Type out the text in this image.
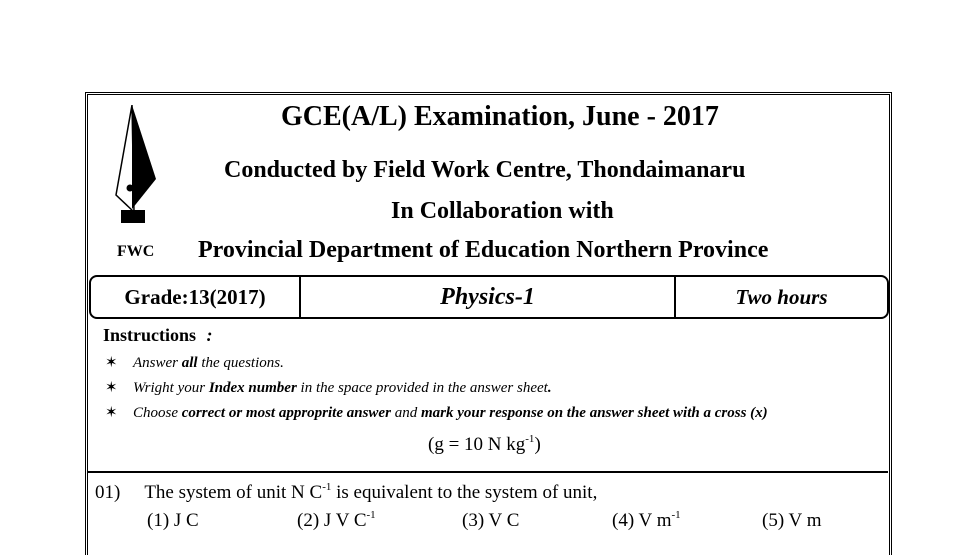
FWC
GCE(A/L) Examination, June - 2017
Conducted by Field Work Centre, Thondaimanaru
In Collaboration with
Provincial Department of Education Northern Province
Grade:13(2017)	Physics-1	Two hours
Instructions :
✶ Answer all the questions.
✶ Wright your Index number in the space provided in the answer sheet.
✶ Choose correct or most approprite answer and mark your response on the answer sheet with a cross (x)
(g = 10 N $kg^{-1}$)
01) The system of unit N $C^{-1}$ is equivalent to the system of unit,
(1) J C	(2) J V $C^{-1}$	(3) V C	(4) V $m^{-1}$	(5) V m
